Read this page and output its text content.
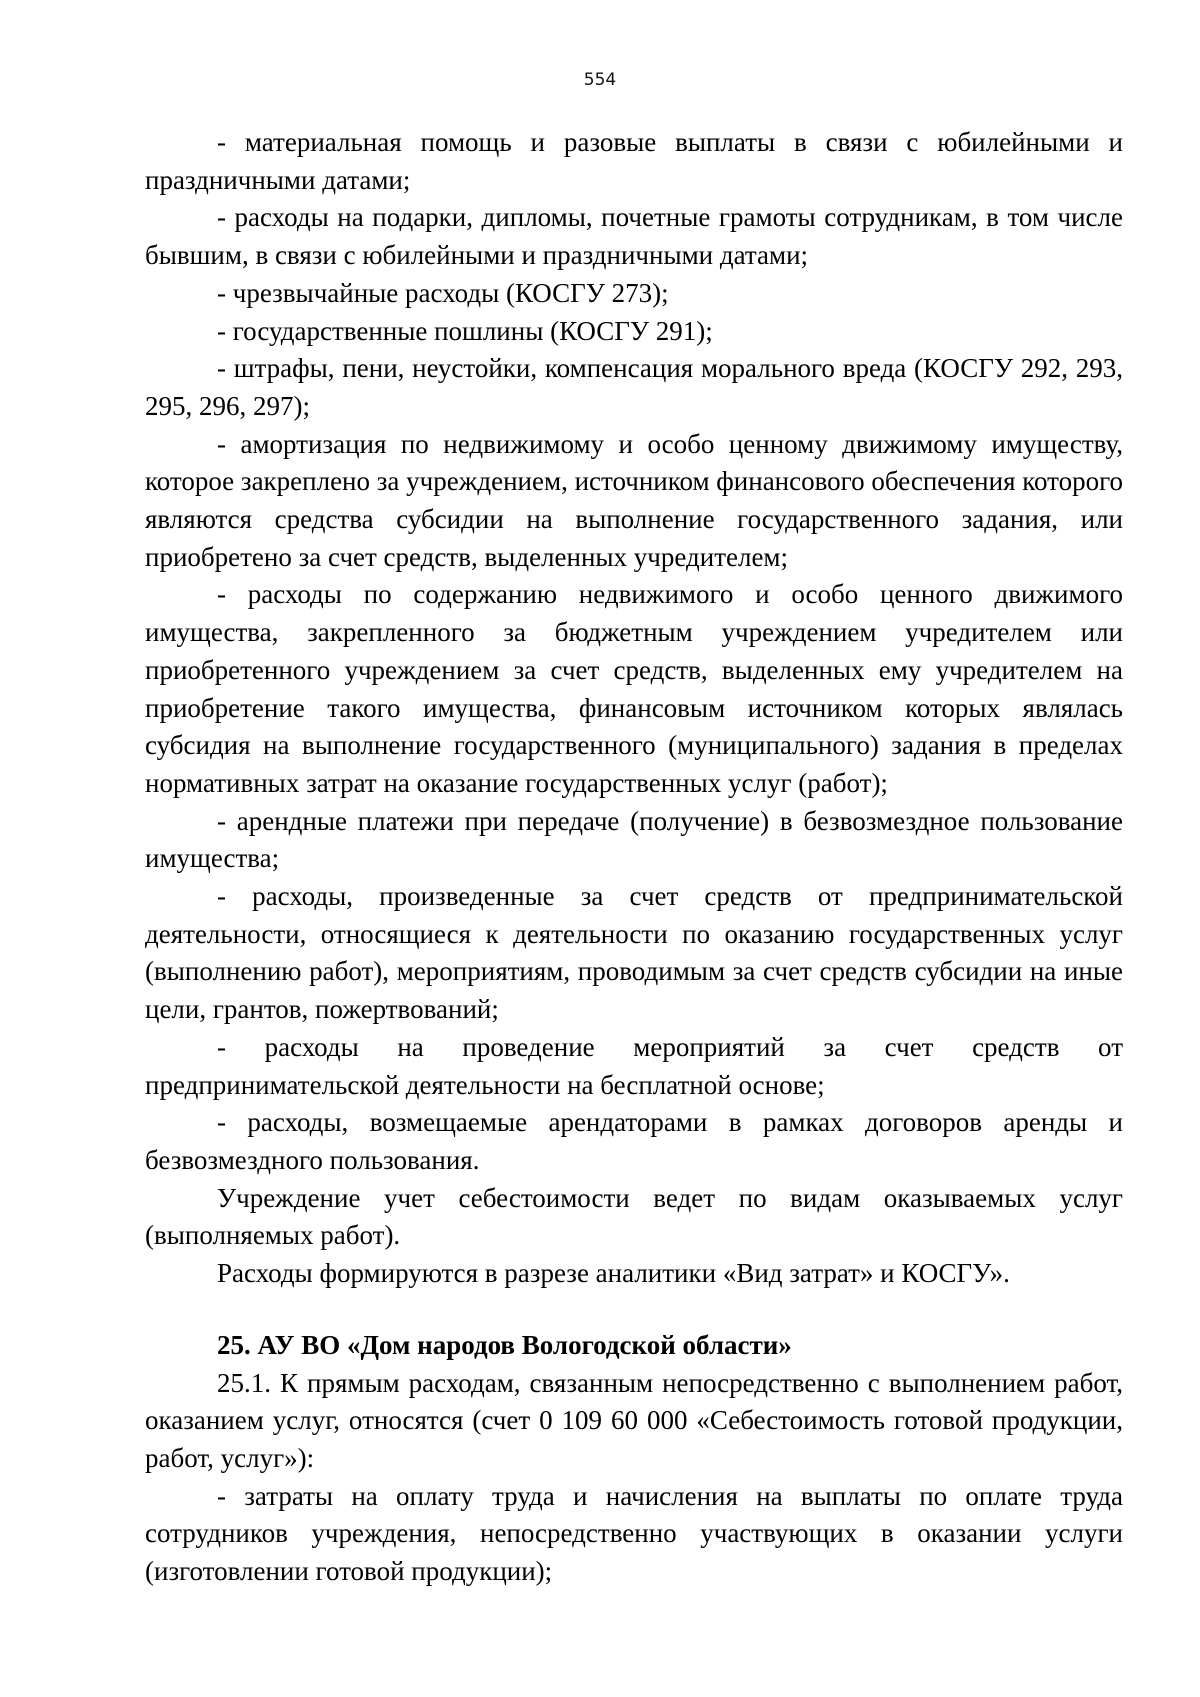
554

- материальная помощь и разовые выплаты в связи с юбилейными и праздничными датами;

- расходы на подарки, дипломы, почетные грамоты сотрудникам, в том числе бывшим, в связи с юбилейными и праздничными датами;

- чрезвычайные расходы (КОСГУ 273);

- государственные пошлины (КОСГУ 291);

- штрафы, пени, неустойки, компенсация морального вреда (КОСГУ 292, 293, 295, 296, 297);

- амортизация по недвижимому и особо ценному движимому имуществу, которое закреплено за учреждением, источником финансового обеспечения которого являются средства субсидии на выполнение государственного задания, или приобретено за счет средств, выделенных учредителем;

- расходы по содержанию недвижимого и особо ценного движимого имущества, закрепленного за бюджетным учреждением учредителем или приобретенного учреждением за счет средств, выделенных ему учредителем на приобретение такого имущества, финансовым источником которых являлась субсидия на выполнение государственного (муниципального) задания в пределах нормативных затрат на оказание государственных услуг (работ);

- арендные платежи при передаче (получение) в безвозмездное пользование имущества;

- расходы, произведенные за счет средств от предпринимательской деятельности, относящиеся к деятельности по оказанию государственных услуг (выполнению работ), мероприятиям, проводимым за счет средств субсидии на иные цели, грантов, пожертвований;

- расходы на проведение мероприятий за счет средств от предпринимательской деятельности на бесплатной основе;

- расходы, возмещаемые арендаторами в рамках договоров аренды и безвозмездного пользования.

Учреждение учет себестоимости ведет по видам оказываемых услуг (выполняемых работ).

Расходы формируются в разрезе аналитики «Вид затрат» и КОСГУ».

25. АУ ВО «Дом народов Вологодской области»

25.1. К прямым расходам, связанным непосредственно с выполнением работ, оказанием услуг, относятся (счет 0 109 60 000 «Себестоимость готовой продукции, работ, услуг»):

- затраты на оплату труда и начисления на выплаты по оплате труда сотрудников учреждения, непосредственно участвующих в оказании услуги (изготовлении готовой продукции);
